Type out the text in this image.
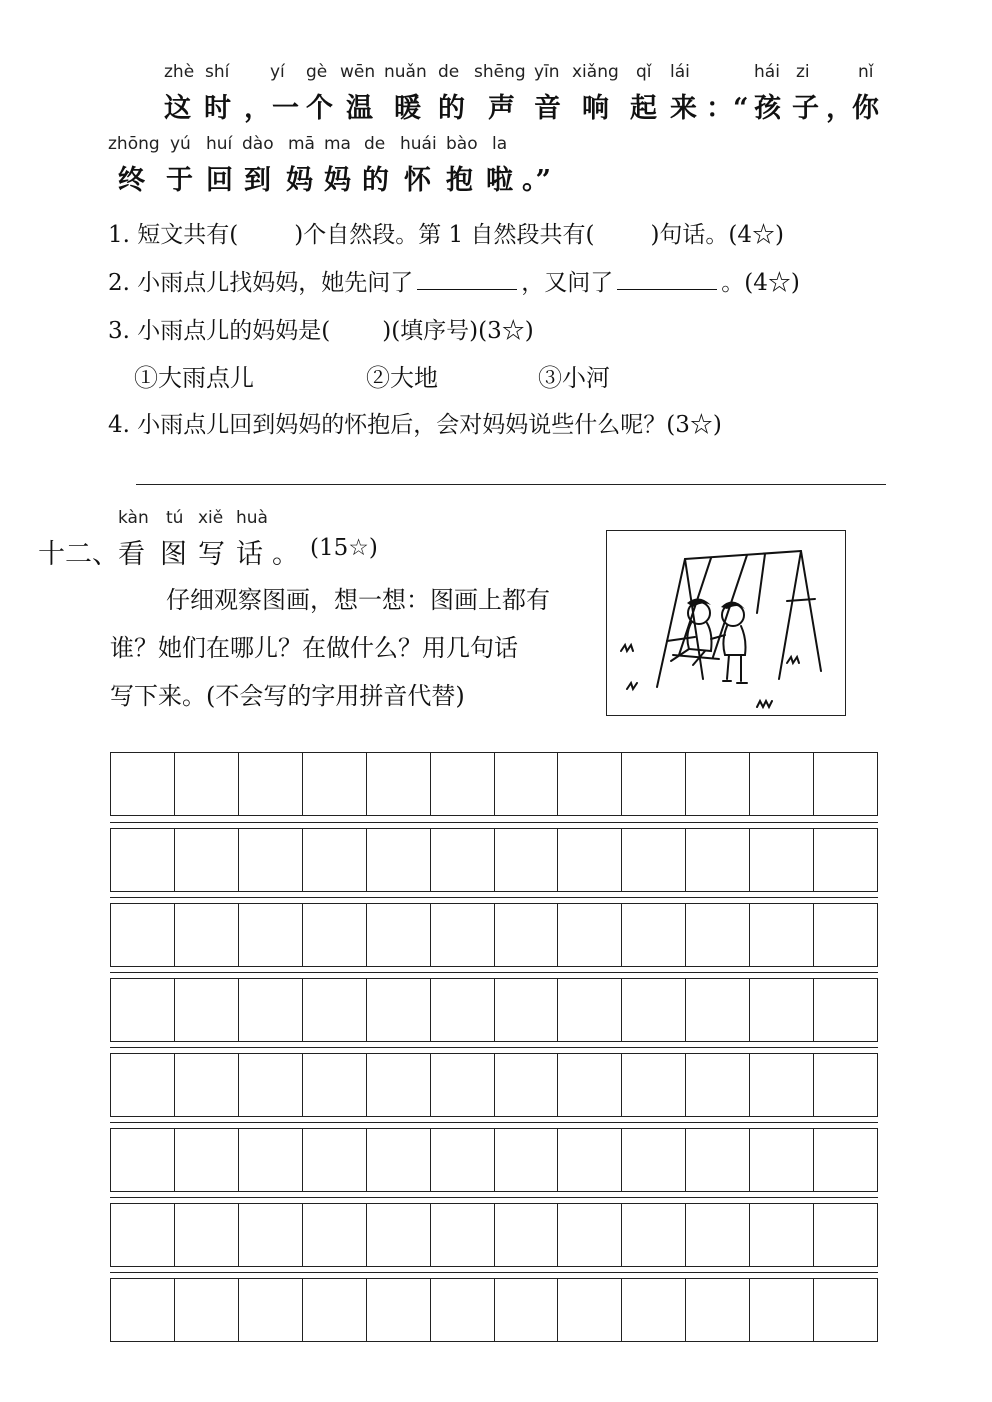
zhè shí yí gè wēn nuǎn de shēng yīn xiǎng qǐ lái	hái zi	nǐ
这 时 ， 一 个 温 暖 的 声 音 响 起 来 ：“ 孩 子 ， 你
zhōng yú huí dào mā ma de huái bào la
终 于 回 到 妈 妈 的 怀 抱 啦 。”
1. 短文共有( )个自然段。第 1 自然段共有( )句话。(4☆)
2. 小雨点儿找妈妈，她先问了	，又问了	。(4☆)
3. 小雨点儿的妈妈是( )(填序号)(3☆)
①大雨点儿	②大地	③小河
4. 小雨点儿回到妈妈的怀抱后，会对妈妈说些什么呢？(3☆)
kàn tú xiě huà
十二、 看 图 写 话 。 (15☆)
仔细观察图画，想一想：图画上都有
谁？她们在哪儿？在做什么？用几句话
写下来。(不会写的字用拼音代替)
